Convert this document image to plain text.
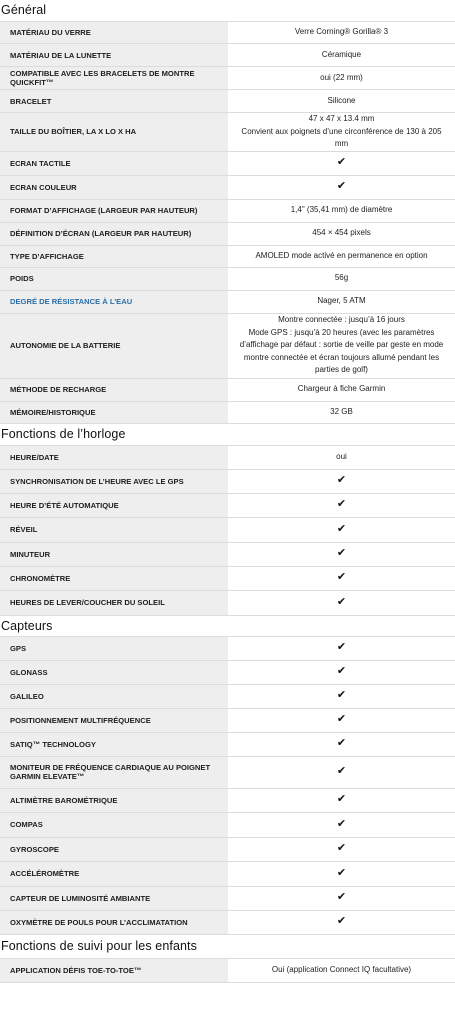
Général
MATÉRIAU DU VERRE	Verre Corning® Gorilla® 3

MATÉRIAU DE LA LUNETTE	Céramique

COMPATIBLE AVEC LES BRACELETS DE MONTRE QUICKFIT™	oui (22 mm)

BRACELET	Silicone

TAILLE DU BOÎTIER, LA X LO X HA	47 x 47 x 13.4 mm
Convient aux poignets d’une circonférence de 130 à 205 mm

ECRAN TACTILE	✔
ECRAN COULEUR	✔
FORMAT D’AFFICHAGE (LARGEUR PAR HAUTEUR)	1,4" (35,41 mm) de diamètre

DÉFINITION D’ÉCRAN (LARGEUR PAR HAUTEUR)	454 × 454 pixels

TYPE D’AFFICHAGE	AMOLED mode activé en permanence en option

POIDS	56g

DEGRÉ DE RÉSISTANCE À L’EAU	Nager, 5 ATM

AUTONOMIE DE LA BATTERIE	Montre connectée : jusqu’à 16 jours
Mode GPS : jusqu’à 20 heures (avec les paramètres d’affichage par défaut : sortie de veille par geste en mode montre connectée et écran toujours allumé pendant les parties de golf)

MÉTHODE DE RECHARGE	Chargeur à fiche Garmin

MÉMOIRE/HISTORIQUE	32 GB
Fonctions de l’horloge
HEURE/DATE	oui

SYNCHRONISATION DE L’HEURE AVEC LE GPS	✔
HEURE D’ÉTÉ AUTOMATIQUE	✔
RÉVEIL	✔
MINUTEUR	✔
CHRONOMÈTRE	✔
HEURES DE LEVER/COUCHER DU SOLEIL	✔
Capteurs
GPS	✔
GLONASS	✔
GALILEO	✔
POSITIONNEMENT MULTIFRÉQUENCE	✔
SATIQ™ TECHNOLOGY	✔
MONITEUR DE FRÉQUENCE CARDIAQUE AU POIGNET GARMIN ELEVATE™	✔
ALTIMÈTRE BAROMÉTRIQUE	✔
COMPAS	✔
GYROSCOPE	✔
ACCÉLÉROMÈTRE	✔
CAPTEUR DE LUMINOSITÉ AMBIANTE	✔
OXYMÈTRE DE POULS POUR L’ACCLIMATATION	✔
Fonctions de suivi pour les enfants
APPLICATION DÉFIS TOE-TO-TOE™	Oui (application Connect IQ facultative)
